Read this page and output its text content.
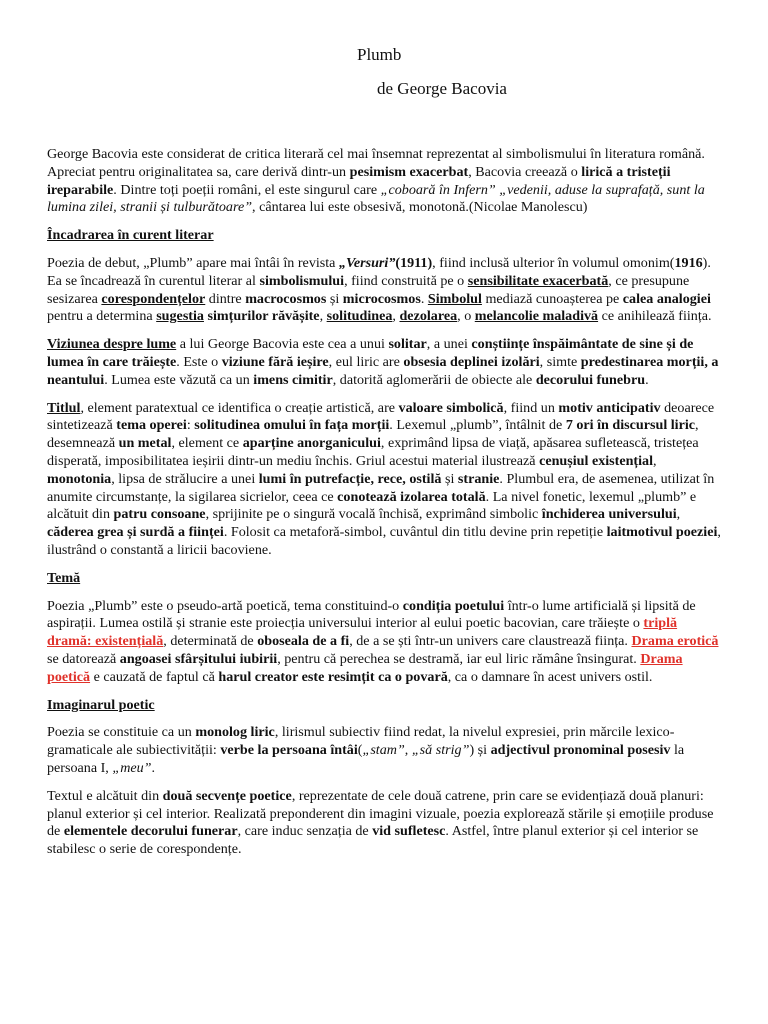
Plumb
de George Bacovia

George Bacovia este considerat de critica literară cel mai însemnat reprezentat al simbolismului în literatura română. Apreciat pentru originalitatea sa, care derivă dintr-un pesimism exacerbat, Bacovia creează o lirică a tristeții ireparabile. Dintre toți poeții români, el este singurul care „coboară în Infern” „vedenii, aduse la suprafață, sunt la lumina zilei, stranii și tulburătoare”, cântarea lui este obsesivă, monotonă.(Nicolae Manolescu)

Încadrarea în curent literar

Poezia de debut, „Plumb” apare mai întâi în revista „Versuri”(1911), fiind inclusă ulterior în volumul omonim(1916). Ea se încadrează în curentul literar al simbolismului, fiind construită pe o sensibilitate exacerbată, ce presupune sesizarea corespondențelor dintre macrocosmos și microcosmos. Simbolul mediază cunoașterea pe calea analogiei pentru a determina sugestia simțurilor răvășite, solitudinea, dezolarea, o melancolie maladivă ce anihilează ființa.

Viziunea despre lume a lui George Bacovia este cea a unui solitar, a unei conștiințe înspăimântate de sine și de lumea în care trăiește. Este o viziune fără ieșire, eul liric are obsesia deplinei izolări, simte predestinarea morții, a neantului. Lumea este văzută ca un imens cimitir, datorită aglomerării de obiecte ale decorului funebru.

Titlul, element paratextual ce identifica o creație artistică, are valoare simbolică, fiind un motiv anticipativ deoarece sintetizează tema operei: solitudinea omului în fața morții. Lexemul „plumb”, întâlnit de 7 ori în discursul liric, desemnează un metal, element ce aparține anorganicului, exprimând lipsa de viață, apăsarea sufletească, tristețea disperată, imposibilitatea ieșirii dintr-un mediu închis. Griul acestui material ilustrează cenușiul existențial, monotonia, lipsa de strălucire a unei lumi în putrefacție, rece, ostilă și stranie. Plumbul era, de asemenea, utilizat în anumite circumstanțe, la sigilarea sicrielor, ceea ce conotează izolarea totală. La nivel fonetic, lexemul „plumb” e alcătuit din patru consoane, sprijinite pe o singură vocală închisă, exprimând simbolic închiderea universului, căderea grea și surdă a ființei. Folosit ca metaforă-simbol, cuvântul din titlu devine prin repetiție laitmotivul poeziei, ilustrând o constantă a liricii bacoviene.

Temă

Poezia „Plumb” este o pseudo-artă poetică, tema constituind-o condiția poetului într-o lume artificială și lipsită de aspirații. Lumea ostilă și stranie este proiecția universului interior al eului poetic bacovian, care trăiește o triplă dramă: existențială, determinată de oboseala de a fi, de a se ști într-un univers care claustrează ființa. Drama erotică se datorează angoasei sfârșitului iubirii, pentru că perechea se destramă, iar eul liric rămâne însingurat. Drama poetică e cauzată de faptul că harul creator este resimțit ca o povară, ca o damnare în acest univers ostil.

Imaginarul poetic

Poezia se constituie ca un monolog liric, lirismul subiectiv fiind redat, la nivelul expresiei, prin mărcile lexico-gramaticale ale subiectivității: verbe la persoana întâi(„stam”, „să strig”) și adjectivul pronominal posesiv la persoana I, „meu”.

Textul e alcătuit din două secvențe poetice, reprezentate de cele două catrene, prin care se evidențiază două planuri: planul exterior și cel interior. Realizată preponderent din imagini vizuale, poezia explorează stările și emoțiile produse de elementele decorului funerar, care induc senzația de vid sufletesc. Astfel, între planul exterior și cel interior se stabilesc o serie de corespondențe.
